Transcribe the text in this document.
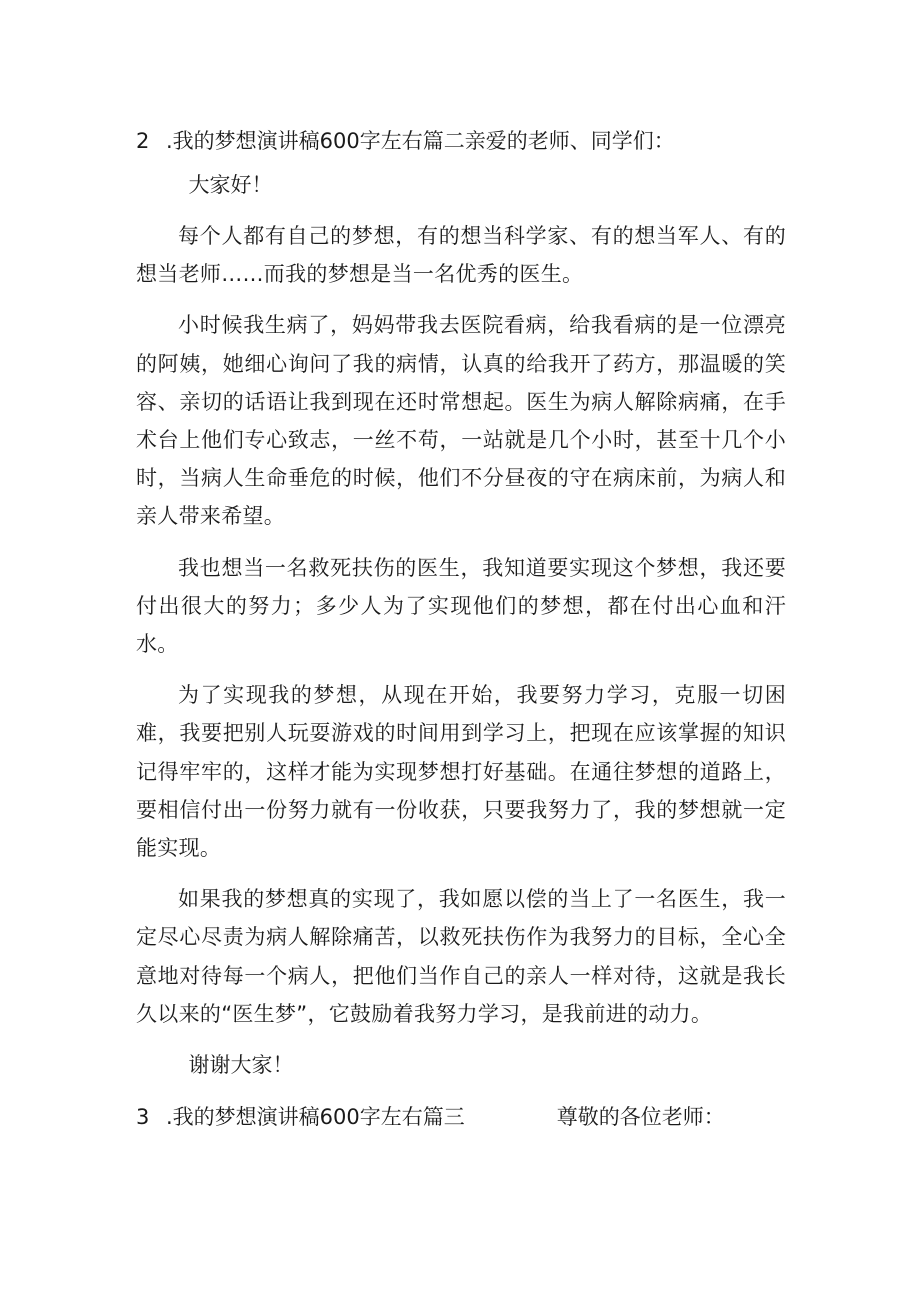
2 .我的梦想演讲稿600字左右篇二亲爱的老师、同学们：

大家好！

每个人都有自己的梦想，有的想当科学家、有的想当军人、有的想当老师……而我的梦想是当一名优秀的医生。

小时候我生病了，妈妈带我去医院看病，给我看病的是一位漂亮的阿姨，她细心询问了我的病情，认真的给我开了药方，那温暖的笑容、亲切的话语让我到现在还时常想起。医生为病人解除病痛，在手术台上他们专心致志，一丝不苟，一站就是几个小时，甚至十几个小时，当病人生命垂危的时候，他们不分昼夜的守在病床前，为病人和亲人带来希望。

我也想当一名救死扶伤的医生，我知道要实现这个梦想，我还要付出很大的努力；多少人为了实现他们的梦想，都在付出心血和汗水。

为了实现我的梦想，从现在开始，我要努力学习，克服一切困难，我要把别人玩耍游戏的时间用到学习上，把现在应该掌握的知识记得牢牢的，这样才能为实现梦想打好基础。在通往梦想的道路上，要相信付出一份努力就有一份收获，只要我努力了，我的梦想就一定能实现。

如果我的梦想真的实现了，我如愿以偿的当上了一名医生，我一定尽心尽责为病人解除痛苦，以救死扶伤作为我努力的目标，全心全意地对待每一个病人，把他们当作自己的亲人一样对待，这就是我长久以来的“医生梦”，它鼓励着我努力学习，是我前进的动力。

谢谢大家！

3 .我的梦想演讲稿600字左右篇三	尊敬的各位老师：
